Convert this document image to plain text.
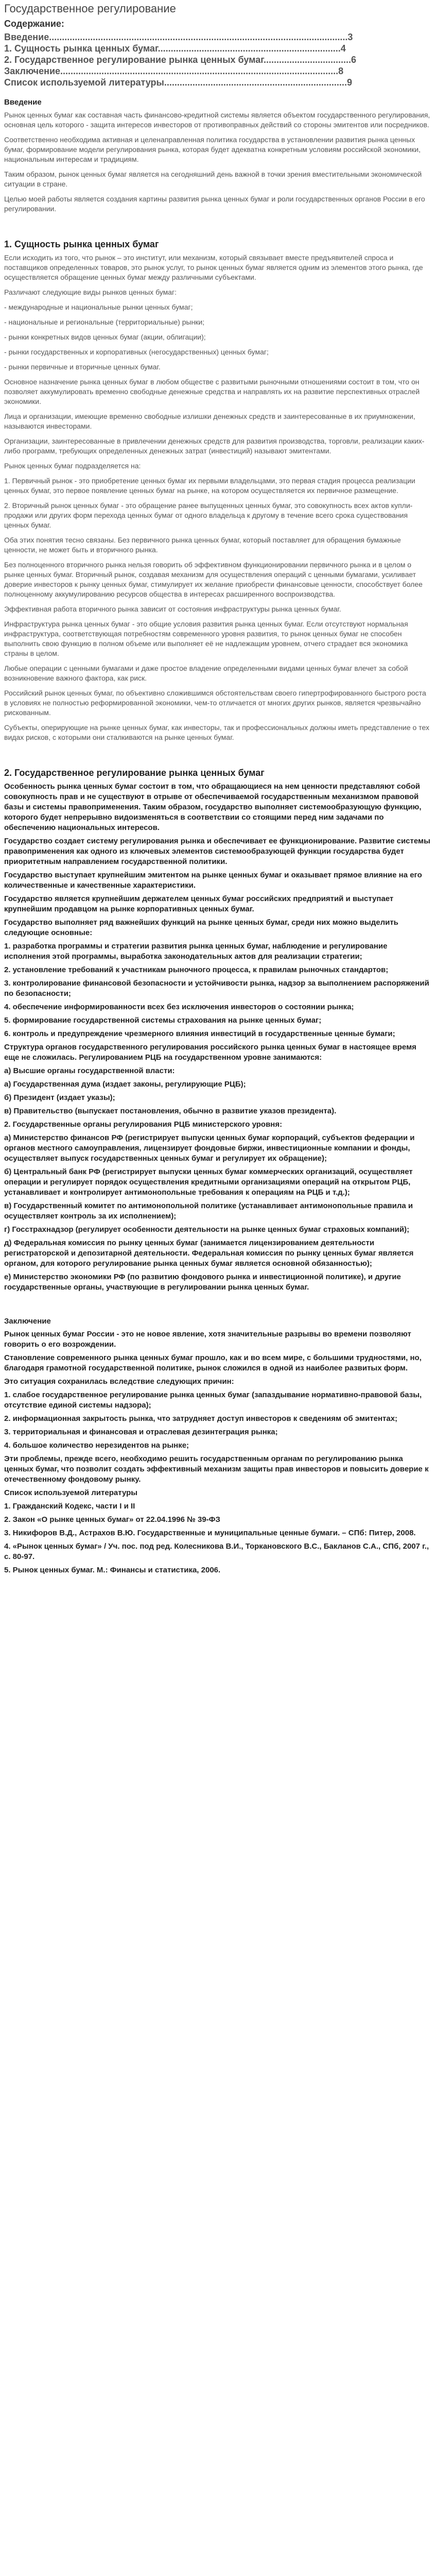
Государственное регулирование
Содержание:

Введение....................................................................................................................3

1. Сущность рынка ценных бумаг.......................................................................4

2. Государственное регулирование рынка ценных бумаг..................................6

Заключение............................................................................................................8

Список используемой литературы.......................................................................9

Введение

Рынок ценных бумаг как составная часть финансово-кредитной системы является объектом государственного регулирования, основная цель которого - защита интересов инвесторов от противоправных действий со стороны эмитентов или посредников.

Соответственно необходима активная и целенаправленная политика государства в установлении развития рынка ценных бумаг, формирование модели регулирования рынка, которая будет адекватна конкретным условиям российской экономики, национальным интересам и традициям.

Таким образом, рынок ценных бумаг является на сегодняшний день важной в точки зрения вместительными экономической ситуации в стране.

Целью моей работы является создания картины развития рынка ценных бумаг и роли государственных органов России в его регулировании.

1. Сущность рынка ценных бумаг

Если исходить из того, что рынок – это институт, или механизм, который связывает вместе предъявителей спроса и поставщиков определенных товаров, это рынок услуг, то рынок ценных бумаг является одним из элементов этого рынка, где осуществляется обращение ценных бумаг между различными субъектами.

Различают следующие виды рынков ценных бумаг:

- международные и национальные рынки ценных бумаг;

- национальные и региональные (территориальные) рынки;

- рынки конкретных видов ценных бумаг (акции, облигации);

- рынки государственных и корпоративных (негосударственных) ценных бумаг;

- рынки первичные и вторичные ценных бумаг.

Основное назначение рынка ценных бумаг в любом обществе с развитыми рыночными отношениями состоит в том, что он позволяет аккумулировать временно свободные денежные средства и направлять их на развитие перспективных отраслей экономики.

Лица и организации, имеющие временно свободные излишки денежных средств и заинтересованные в их приумножении, называются инвесторами.

Организации, заинтересованные в привлечении денежных средств для развития производства, торговли, реализации каких-либо программ, требующих определенных денежных затрат (инвестиций) называют эмитентами.

Рынок ценных бумаг подразделяется на:

1. Первичный рынок - это приобретение ценных бумаг их первыми владельцами, это первая стадия процесса реализации ценных бумаг, это первое появление ценных бумаг на рынке, на котором осуществляется их первичное размещение.

2. Вторичный рынок ценных бумаг - это обращение ранее выпущенных ценных бумаг, это совокупность всех актов купли-продажи или других форм перехода ценных бумаг от одного владельца к другому в течение всего срока существования ценных бумаг.

Оба этих понятия тесно связаны. Без первичного рынка ценных бумаг, который поставляет для обращения бумажные ценности, не может быть и вторичного рынка.

Без полноценного вторичного рынка нельзя говорить об эффективном функционировании первичного рынка и в целом о рынке ценных бумаг. Вторичный рынок, создавая механизм для осуществления операций с ценными бумагами, усиливает доверие инвесторов к рынку ценных бумаг, стимулирует их желание приобрести финансовые ценности, способствует более полноценному аккумулированию ресурсов общества в интересах расширенного воспроизводства.

Эффективная работа вторичного рынка зависит от состояния инфраструктуры рынка ценных бумаг.

Инфраструктура рынка ценных бумаг - это общие условия развития рынка ценных бумаг. Если отсутствуют нормальная инфраструктура, соответствующая потребностям современного уровня развития, то рынок ценных бумаг не способен выполнить свою функцию в полном объеме или выполняет её не надлежащим уровнем, отчего страдает вся экономика страны в целом.

Любые операции с ценными бумагами и даже простое владение определенными видами ценных бумаг влечет за собой возникновение важного фактора, как риск.

Российский рынок ценных бумаг, по объективно сложившимся обстоятельствам своего гипертрофированного быстрого роста в условиях не полностью реформированной экономики, чем-то отличается от многих других рынков, является чрезвычайно рискованным.

Субъекты, оперирующие на рынке ценных бумаг, как инвесторы, так и профессиональных должны иметь представление о тех видах рисков, с которыми они сталкиваются на рынке ценных бумаг.

2. Государственное регулирование рынка ценных бумаг

Особенность рынка ценных бумаг состоит в том, что обращающиеся на нем ценности представляют собой совокупность прав и не существуют в отрыве от обеспечиваемой государственным механизмом правовой базы и системы правоприменения. Таким образом, государство выполняет системообразующую функцию, которого будет непрерывно видоизменяться в соответствии со стоящими перед ним задачами по обеспечению национальных интересов.

Государство создает систему регулирования рынка и обеспечивает ее функционирование. Развитие системы правоприменения как одного из ключевых элементов системообразующей функции государства будет приоритетным направлением государственной политики.

Государство выступает крупнейшим эмитентом на рынке ценных бумаг и оказывает прямое влияние на его количественные и качественные характеристики.

Государство является крупнейшим держателем ценных бумаг российских предприятий и выступает крупнейшим продавцом на рынке корпоративных ценных бумаг.

Государство выполняет ряд важнейших функций на рынке ценных бумаг, среди них можно выделить следующие основные:

1. разработка программы и стратегии развития рынка ценных бумаг, наблюдение и регулирование исполнения этой программы, выработка законодательных актов для реализации стратегии;

2. установление требований к участникам рыночного процесса, к правилам рыночных стандартов;

3. контролирование финансовой безопасности и устойчивости рынка, надзор за выполнением распоряжений по безопасности;

4. обеспечение информированности всех без исключения инвесторов о состоянии рынка;

5. формирование государственной системы страхования на рынке ценных бумаг;

6. контроль и предупреждение чрезмерного влияния инвестиций в государственные ценные бумаги;

Структура органов государственного регулирования российского рынка ценных бумаг в настоящее время еще не сложилась. Регулированием РЦБ на государственном уровне занимаются:

а) Высшие органы государственной власти:

а) Государственная дума (издает законы, регулирующие РЦБ);

б) Президент (издает указы);

в) Правительство (выпускает постановления, обычно в развитие указов президента).

2. Государственные органы регулирования РЦБ министерского уровня:

а) Министерство финансов РФ (регистрирует выпуски ценных бумаг корпораций, субъектов федерации и органов местного самоуправления, лицензирует фондовые биржи, инвестиционные компании и фонды, осуществляет выпуск государственных ценных бумаг и регулирует их обращение);

б) Центральный банк РФ (регистрирует выпуски ценных бумаг коммерческих организаций, осуществляет операции и регулирует порядок осуществления кредитными организациями операций на открытом РЦБ, устанавливает и контролирует антимонопольные требования к операциям на РЦБ и т.д.);

в) Государственный комитет по антимонопольной политике (устанавливает антимонопольные правила и осуществляет контроль за их исполнением);

г) Госстрахнадзор (регулирует особенности деятельности на рынке ценных бумаг страховых компаний);

д) Федеральная комиссия по рынку ценных бумаг (занимается лицензированием деятельности регистраторской и депозитарной деятельности. Федеральная комиссия по рынку ценных бумаг является органом, для которого регулирование рынка ценных бумаг является основной обязанностью);

е) Министерство экономики РФ (по развитию фондового рынка и инвестиционной политике), и другие государственные органы, участвующие в регулировании рынка ценных бумаг.

Заключение

Рынок ценных бумаг России - это не новое явление, хотя значительные разрывы во времени позволяют говорить о его возрождении.

Становление современного рынка ценных бумаг прошло, как и во всем мире, с большими трудностями, но, благодаря грамотной государственной политике, рынок сложился в одной из наиболее развитых форм.

Это ситуация сохранилась вследствие следующих причин:

1. слабое государственное регулирование рынка ценных бумаг (запаздывание нормативно-правовой базы, отсутствие единой системы надзора);

2. информационная закрытость рынка, что затрудняет доступ инвесторов к сведениям об эмитентах;

3. территориальная и финансовая и отраслевая дезинтеграция рынка;

4. большое количество нерезидентов на рынке;

Эти проблемы, прежде всего, необходимо решить государственным органам по регулированию рынка ценных бумаг, что позволит создать эффективный механизм защиты прав инвесторов и повысить доверие к отечественному фондовому рынку.

Список используемой литературы

1. Гражданский Кодекс, части I и II

2. Закон «О рынке ценных бумаг» от 22.04.1996 № 39-ФЗ

3. Никифоров В.Д., Астрахов В.Ю. Государственные и муниципальные ценные бумаги. – СПб: Питер, 2008.

4. «Рынок ценных бумаг» / Уч. пос. под ред. Колесникова В.И., Торкановского В.С., Бакланов С.А., СПб, 2007 г., с. 80-97.

5. Рынок ценных бумаг. М.: Финансы и статистика, 2006.
